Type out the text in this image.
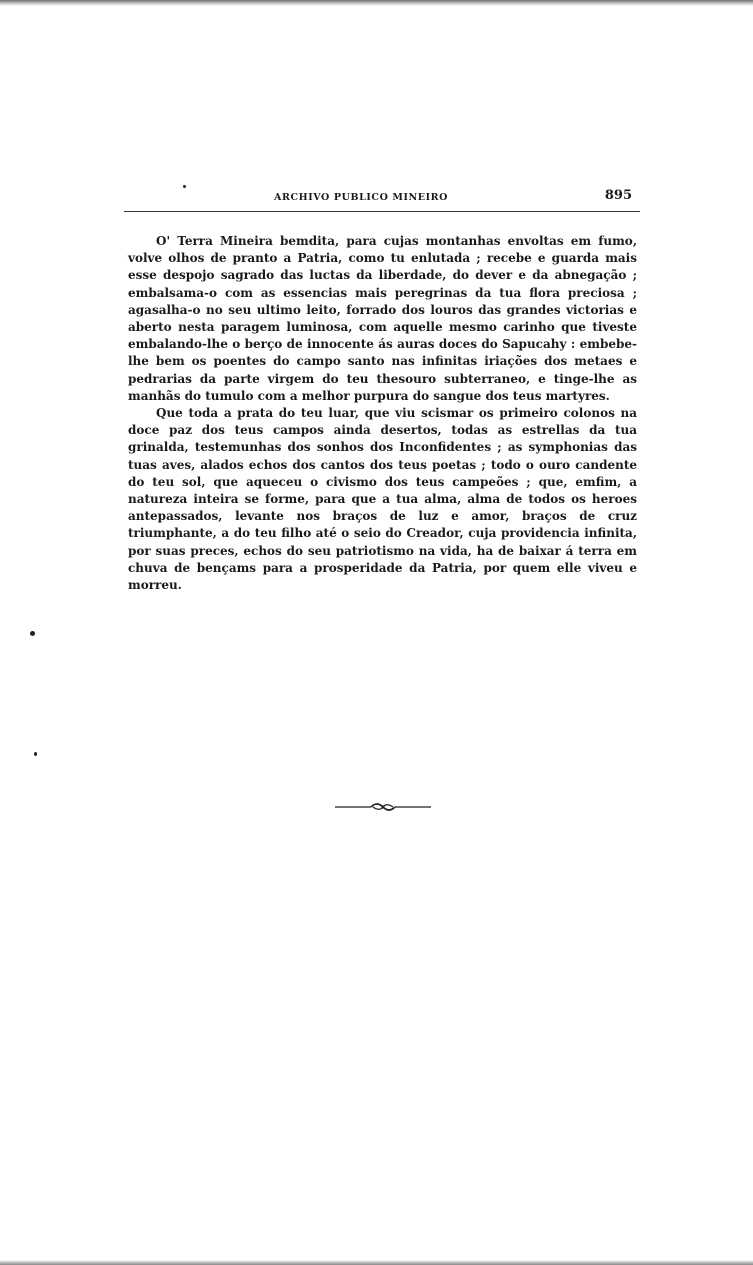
ARCHIVO PUBLICO MINEIRO	895

O' Terra Mineira bemdita, para cujas montanhas envoltas em fumo, volve olhos de pranto a Patria, como tu enlutada ; recebe e guarda mais esse despojo sagrado das luctas da liberdade, do dever e da abnegação ; embalsama-o com as essencias mais peregrinas da tua flora preciosa ; agasalha-o no seu ultimo leito, forrado dos louros das grandes victorias e aberto nesta paragem luminosa, com aquelle mesmo carinho que tiveste embalando-lhe o berço de innocente ás auras doces do Sapucahy : embebe-lhe bem os poentes do campo santo nas infinitas iriações dos metaes e pedrarias da parte virgem do teu thesouro subterraneo, e tinge-lhe as manhãs do tumulo com a melhor purpura do sangue dos teus martyres.

Que toda a prata do teu luar, que viu scismar os primeiro colonos na doce paz dos teus campos ainda desertos, todas as estrellas da tua grinalda, testemunhas dos sonhos dos Inconfidentes ; as symphonias das tuas aves, alados echos dos cantos dos teus poetas ; todo o ouro candente do teu sol, que aqueceu o civismo dos teus campeões ; que, emfim, a natureza inteira se forme, para que a tua alma, alma de todos os heroes antepassados, levante nos braços de luz e amor, braços de cruz triumphante, a do teu filho até o seio do Creador, cuja providencia infinita, por suas preces, echos do seu patriotismo na vida, ha de baixar á terra em chuva de bençams para a prosperidade da Patria, por quem elle viveu e morreu.
